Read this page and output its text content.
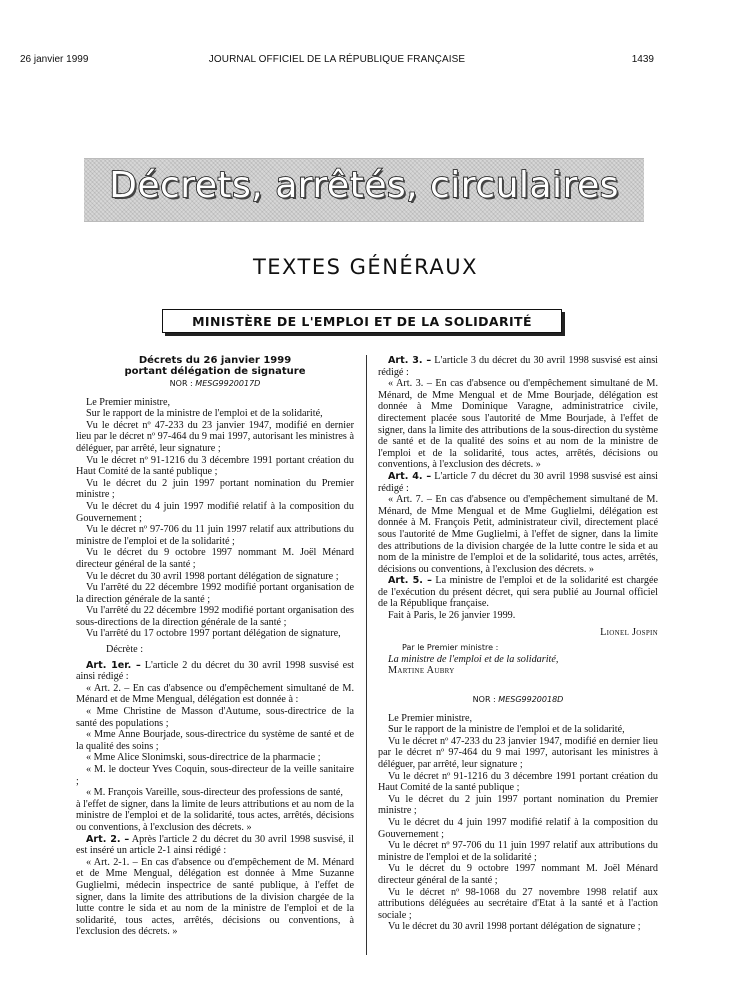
26 janvier 1999	JOURNAL OFFICIEL DE LA RÉPUBLIQUE FRANÇAISE	1439
Décrets, arrêtés, circulaires
TEXTES GÉNÉRAUX
MINISTÈRE DE L'EMPLOI ET DE LA SOLIDARITÉ
Décrets du 26 janvier 1999
portant délégation de signature
NOR : MESG9920017D

Le Premier ministre,

Sur le rapport de la ministre de l'emploi et de la solidarité,

Vu le décret nº 47-233 du 23 janvier 1947, modifié en dernier lieu par le décret nº 97-464 du 9 mai 1997, autorisant les ministres à déléguer, par arrêté, leur signature ;

Vu le décret nº 91-1216 du 3 décembre 1991 portant création du Haut Comité de la santé publique ;

Vu le décret du 2 juin 1997 portant nomination du Premier ministre ;

Vu le décret du 4 juin 1997 modifié relatif à la composition du Gouvernement ;

Vu le décret nº 97-706 du 11 juin 1997 relatif aux attributions du ministre de l'emploi et de la solidarité ;

Vu le décret du 9 octobre 1997 nommant M. Joël Ménard directeur général de la santé ;

Vu le décret du 30 avril 1998 portant délégation de signature ;

Vu l'arrêté du 22 décembre 1992 modifié portant organisation de la direction générale de la santé ;

Vu l'arrêté du 22 décembre 1992 modifié portant organisation des sous-directions de la direction générale de la santé ;

Vu l'arrêté du 17 octobre 1997 portant délégation de signature,

Décrète :

Art. 1er. – L'article 2 du décret du 30 avril 1998 susvisé est ainsi rédigé :

« Art. 2. – En cas d'absence ou d'empêchement simultané de M. Ménard et de Mme Mengual, délégation est donnée à :

« Mme Christine de Masson d'Autume, sous-directrice de la santé des populations ;

« Mme Anne Bourjade, sous-directrice du système de santé et de la qualité des soins ;

« Mme Alice Slonimski, sous-directrice de la pharmacie ;

« M. le docteur Yves Coquin, sous-directeur de la veille sanitaire ;

« M. François Vareille, sous-directeur des professions de santé,

à l'effet de signer, dans la limite de leurs attributions et au nom de la ministre de l'emploi et de la solidarité, tous actes, arrêtés, décisions ou conventions, à l'exclusion des décrets. »

Art. 2. – Après l'article 2 du décret du 30 avril 1998 susvisé, il est inséré un article 2-1 ainsi rédigé :

« Art. 2-1. – En cas d'absence ou d'empêchement de M. Ménard et de Mme Mengual, délégation est donnée à Mme Suzanne Guglielmi, médecin inspectrice de santé publique, à l'effet de signer, dans la limite des attributions de la division chargée de la lutte contre le sida et au nom de la ministre de l'emploi et de la solidarité, tous actes, arrêtés, décisions ou conventions, à l'exclusion des décrets. »

Art. 3. – L'article 3 du décret du 30 avril 1998 susvisé est ainsi rédigé :

« Art. 3. – En cas d'absence ou d'empêchement simultané de M. Ménard, de Mme Mengual et de Mme Bourjade, délégation est donnée à Mme Dominique Varagne, administratrice civile, directement placée sous l'autorité de Mme Bourjade, à l'effet de signer, dans la limite des attributions de la sous-direction du système de santé et de la qualité des soins et au nom de la ministre de l'emploi et de la solidarité, tous actes, arrêtés, décisions ou conventions, à l'exclusion des décrets. »

Art. 4. – L'article 7 du décret du 30 avril 1998 susvisé est ainsi rédigé :

« Art. 7. – En cas d'absence ou d'empêchement simultané de M. Ménard, de Mme Mengual et de Mme Guglielmi, délégation est donnée à M. François Petit, administrateur civil, directement placé sous l'autorité de Mme Guglielmi, à l'effet de signer, dans la limite des attributions de la division chargée de la lutte contre le sida et au nom de la ministre de l'emploi et de la solidarité, tous actes, arrêtés, décisions ou conventions, à l'exclusion des décrets. »

Art. 5. – La ministre de l'emploi et de la solidarité est chargée de l'exécution du présent décret, qui sera publié au Journal officiel de la République française.

Fait à Paris, le 26 janvier 1999.

Lionel Jospin
Par le Premier ministre :

La ministre de l'emploi et de la solidarité,

Martine Aubry

NOR : MESG9920018D

Le Premier ministre,

Sur le rapport de la ministre de l'emploi et de la solidarité,

Vu le décret nº 47-233 du 23 janvier 1947, modifié en dernier lieu par le décret nº 97-464 du 9 mai 1997, autorisant les ministres à déléguer, par arrêté, leur signature ;

Vu le décret nº 91-1216 du 3 décembre 1991 portant création du Haut Comité de la santé publique ;

Vu le décret du 2 juin 1997 portant nomination du Premier ministre ;

Vu le décret du 4 juin 1997 modifié relatif à la composition du Gouvernement ;

Vu le décret nº 97-706 du 11 juin 1997 relatif aux attributions du ministre de l'emploi et de la solidarité ;

Vu le décret du 9 octobre 1997 nommant M. Joël Ménard directeur général de la santé ;

Vu le décret nº 98-1068 du 27 novembre 1998 relatif aux attributions déléguées au secrétaire d'Etat à la santé et à l'action sociale ;

Vu le décret du 30 avril 1998 portant délégation de signature ;
